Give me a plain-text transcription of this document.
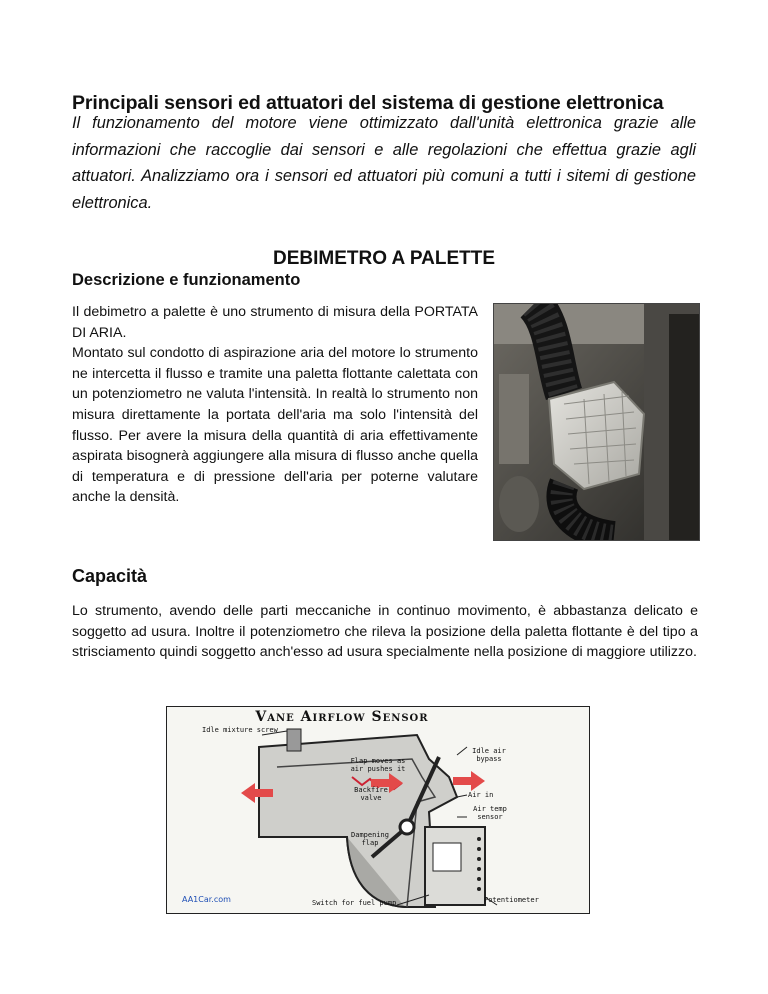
Principali sensori ed attuatori del sistema di gestione elettronica
Il funzionamento del motore viene ottimizzato dall'unità elettronica grazie alle informazioni che raccoglie dai sensori e alle regolazioni che effettua grazie agli attuatori. Analizziamo ora i sensori ed attuatori più comuni a tutti i sitemi di gestione elettronica.
DEBIMETRO A PALETTE
Descrizione e funzionamento
Il debimetro a palette è uno strumento di misura della PORTATA DI ARIA.
Montato sul condotto di aspirazione aria del motore lo strumento ne intercetta il flusso e tramite una paletta flottante calettata con un potenziometro ne valuta l'intensità. In realtà lo strumento non misura direttamente la portata dell'aria ma solo l'intensità del flusso. Per avere la misura della quantità di aria effettivamente aspirata bisognerà aggiungere alla misura di flusso anche quella di temperatura e di pressione dell'aria per poterne valutare anche la densità.
Capacità
Lo strumento, avendo delle parti meccaniche in continuo movimento, è abbastanza delicato e soggetto ad usura. Inoltre il potenziometro che rileva la posizione della paletta flottante è del tipo a strisciamento quindi soggetto anch'esso ad usura specialmente nella posizione di maggiore utilizzo.
Vane Airflow Sensor
Idle mixture screw
Flap moves as air pushes it
Idle air bypass
Backfire valve	Air in
Air temp sensor
Dampening flap
Potentiometer
Switch for fuel pump
AA1Car.com
